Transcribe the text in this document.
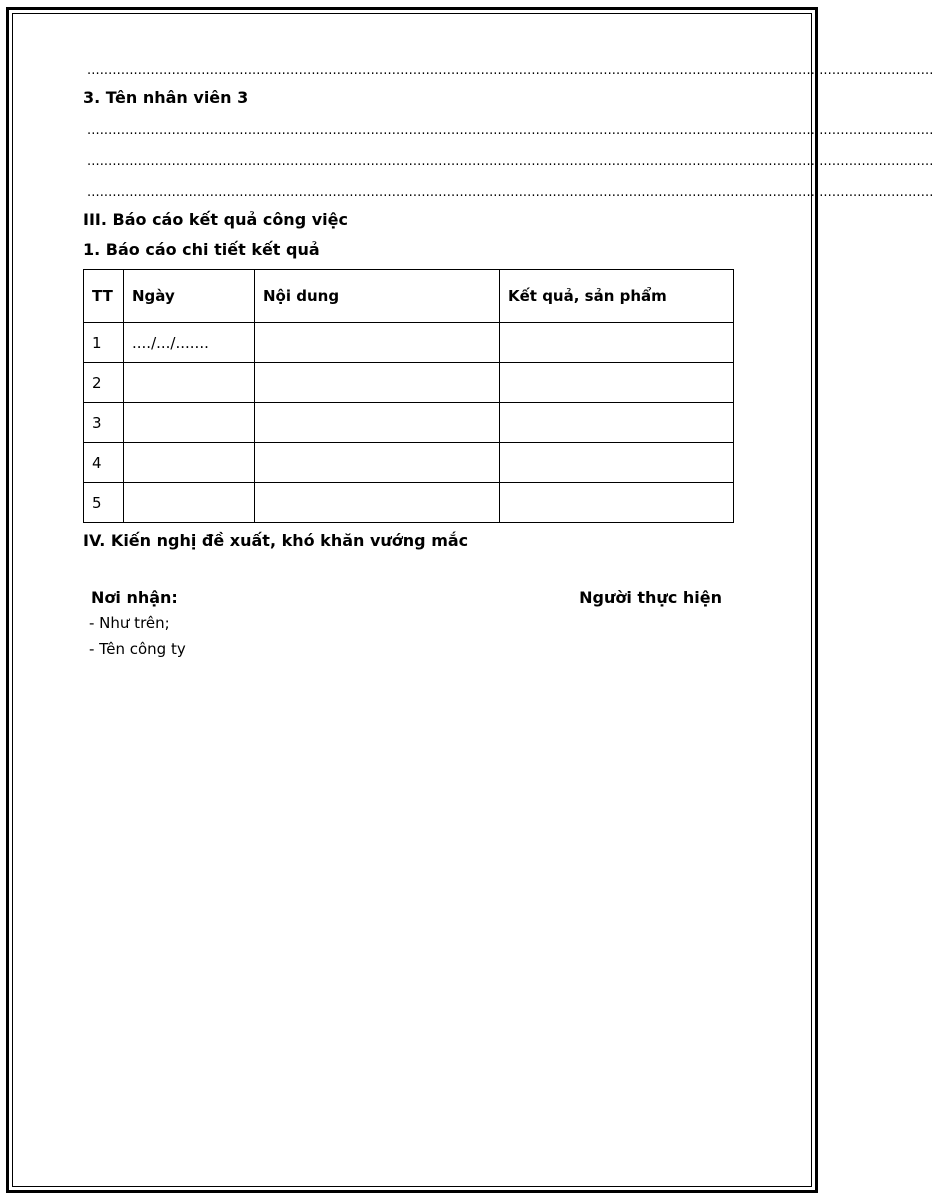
........................................................................................................................................................................................................
3. Tên nhân viên 3
........................................................................................................................................................................................................
........................................................................................................................................................................................................
........................................................................................................................................................................................................
III. Báo cáo kết quả công việc
1. Báo cáo chi tiết kết quả
TT	Ngày	Nội dung	Kết quả, sản phẩm
1	..../.../.......		
2			
3			
4			
5			
IV. Kiến nghị đề xuất, khó khăn vướng mắc
Nơi nhận:
- Như trên;
- Tên công ty
Người thực hiện
